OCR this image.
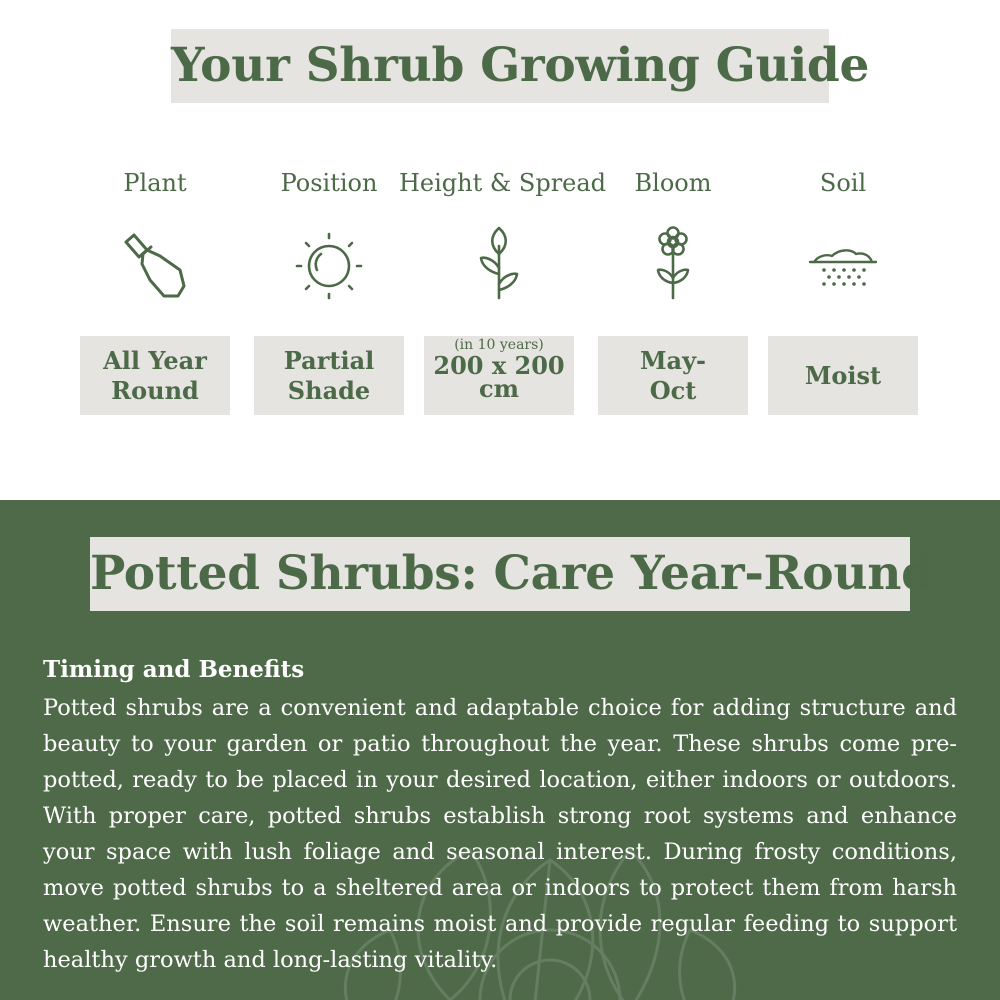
Your Shrub Growing Guide
Plant
All Year Round
Position
Partial Shade
Height & Spread
(in 10 years)
200 x 200 cm
Bloom
May-Oct
Soil
Moist
Potted Shrubs: Care Year-Round
Timing and Benefits
Potted shrubs are a convenient and adaptable choice for adding structure and beauty to your garden or patio throughout the year. These shrubs come pre-potted, ready to be placed in your desired location, either indoors or outdoors. With proper care, potted shrubs establish strong root systems and enhance your space with lush foliage and seasonal interest. During frosty conditions, move potted shrubs to a sheltered area or indoors to protect them from harsh weather. Ensure the soil remains moist and provide regular feeding to support healthy growth and long-lasting vitality.
